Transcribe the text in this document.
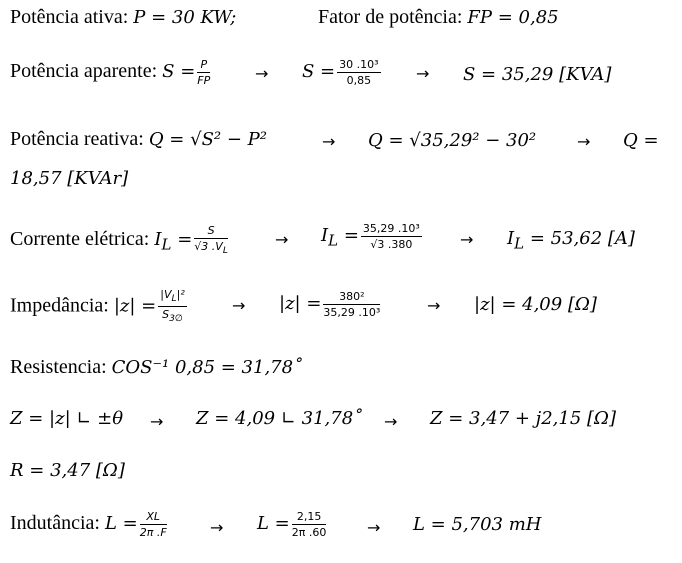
Potência ativa: P = 30 KW;	Fator de potência: FP = 0,85
Potência aparente: $S = \frac{P}{FP}$	→ $S = \frac{\text{30 .10³}}{0,85} \to S = 35,29$ [KVA]
Potência reativa: Q = √S² − P²	→ Q = √35,29² − 30²	→ Q =
18,57 [KVAr]
Corrente elétrica: $I_L = \frac{S}{√3 .V_L}$	→ $I_L = \frac{\text{35,29 .10³}}{√3 .380} \to I_L = 53,62$ [A]
Impedância: $|z| = \frac{|V_L|^2}{S_{3\emptyset}}$	→ $|z| = \frac{\text{380²}}{\text{35,29 .10³}}$	→ |z| = 4,09 [Ω]
Resistencia: COS⁻¹ 0,85 = 31,78˚
Z = |z| ∟ ±θ → Z = 4,09 ∟ 31,78˚ → Z = 3,47 + j2,15 [Ω]
R = 3,47 [Ω]
Indutância: $L = \frac{XL}{2\pi .F}$	→ $L = \frac{2,15}{2\pi .60}$	→ L = 5,703 mH
